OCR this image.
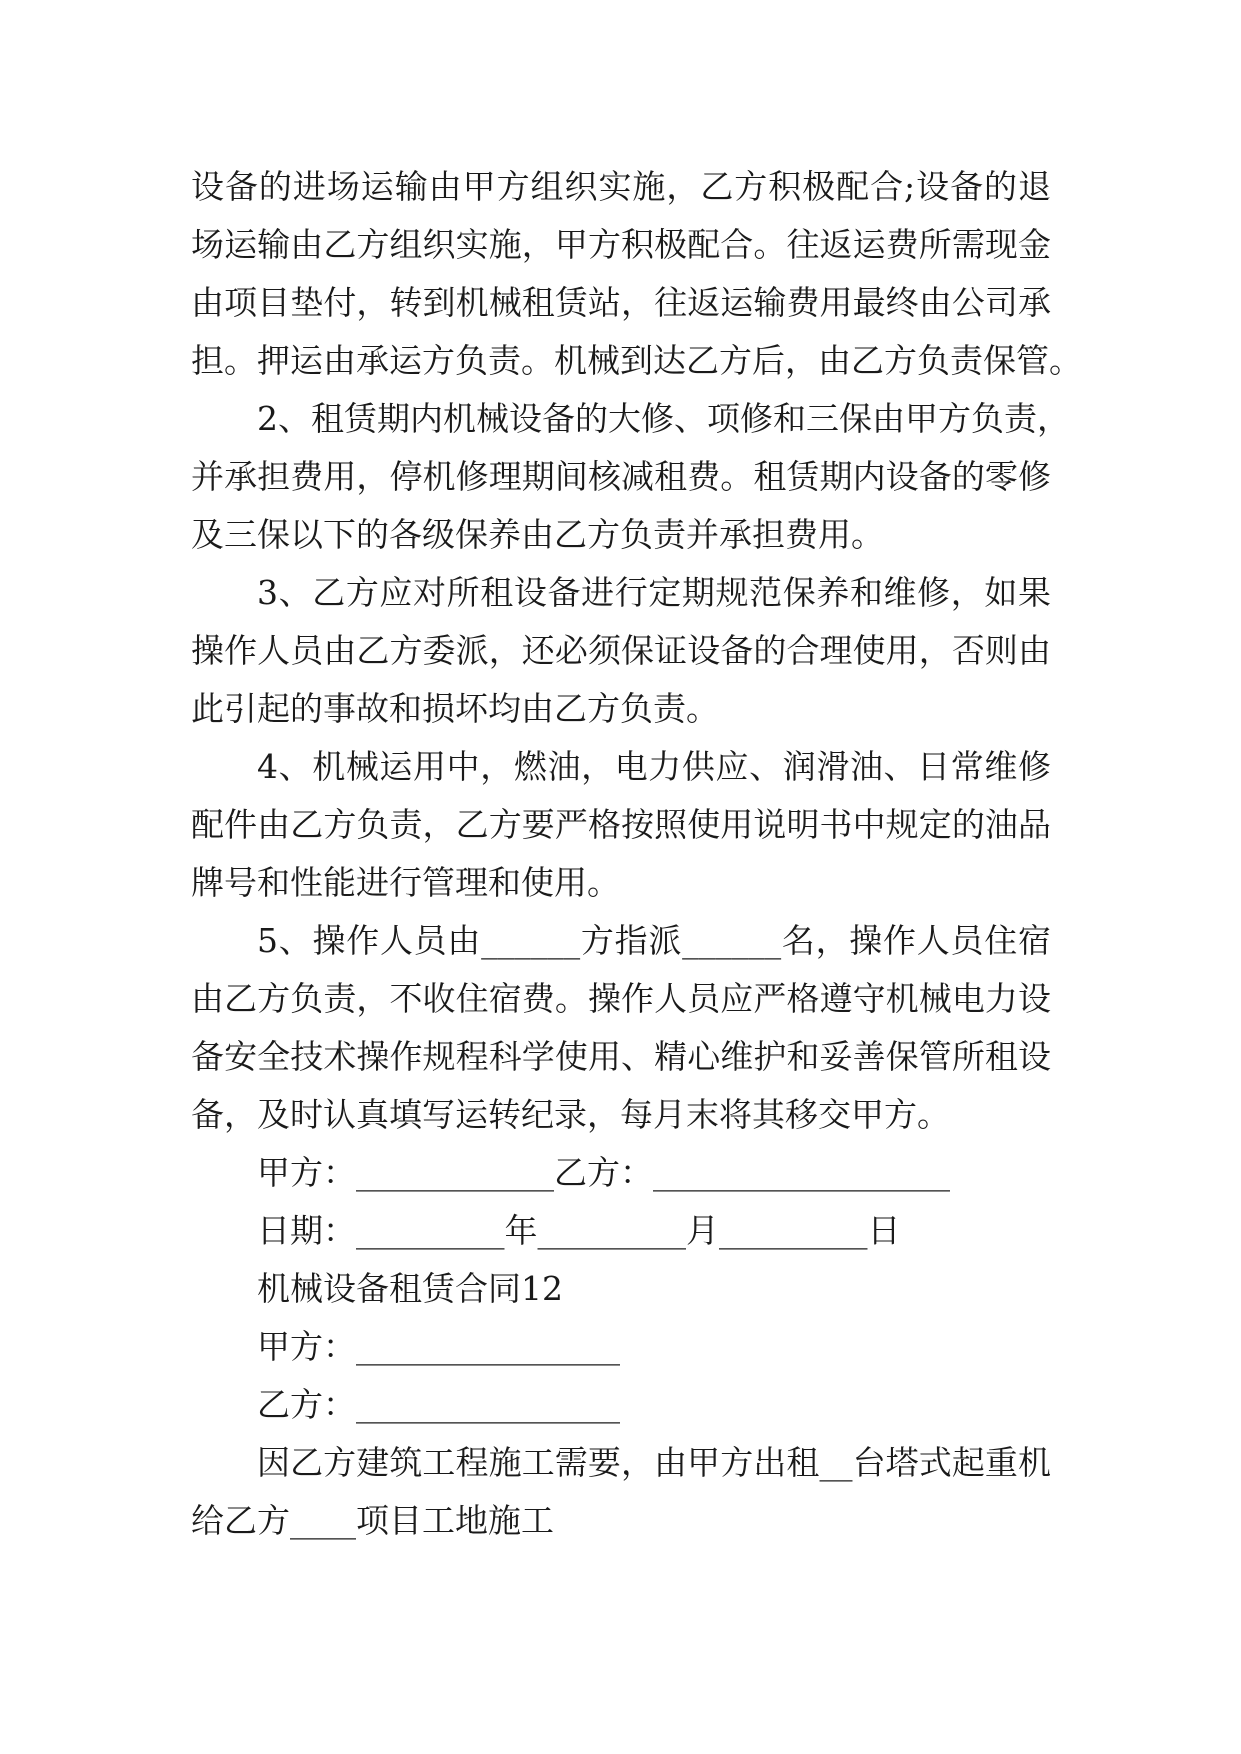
设备的进场运输由甲方组织实施，乙方积极配合;设备的退
场运输由乙方组织实施，甲方积极配合。往返运费所需现金
由项目垫付，转到机械租赁站，往返运输费用最终由公司承
担。押运由承运方负责。机械到达乙方后，由乙方负责保管。
2、租赁期内机械设备的大修、项修和三保由甲方负责，
并承担费用，停机修理期间核减租费。租赁期内设备的零修
及三保以下的各级保养由乙方负责并承担费用。
3、乙方应对所租设备进行定期规范保养和维修，如果
操作人员由乙方委派，还必须保证设备的合理使用，否则由
此引起的事故和损坏均由乙方负责。
4、机械运用中，燃油，电力供应、润滑油、日常维修
配件由乙方负责，乙方要严格按照使用说明书中规定的油品
牌号和性能进行管理和使用。
5、操作人员由______方指派______名，操作人员住宿
由乙方负责，不收住宿费。操作人员应严格遵守机械电力设
备安全技术操作规程科学使用、精心维护和妥善保管所租设
备，及时认真填写运转纪录，每月末将其移交甲方。
甲方：____________乙方：__________________
日期：_________年_________月_________日
机械设备租赁合同12
甲方：________________
乙方：________________
因乙方建筑工程施工需要，由甲方出租__台塔式起重机
给乙方____项目工地施工
